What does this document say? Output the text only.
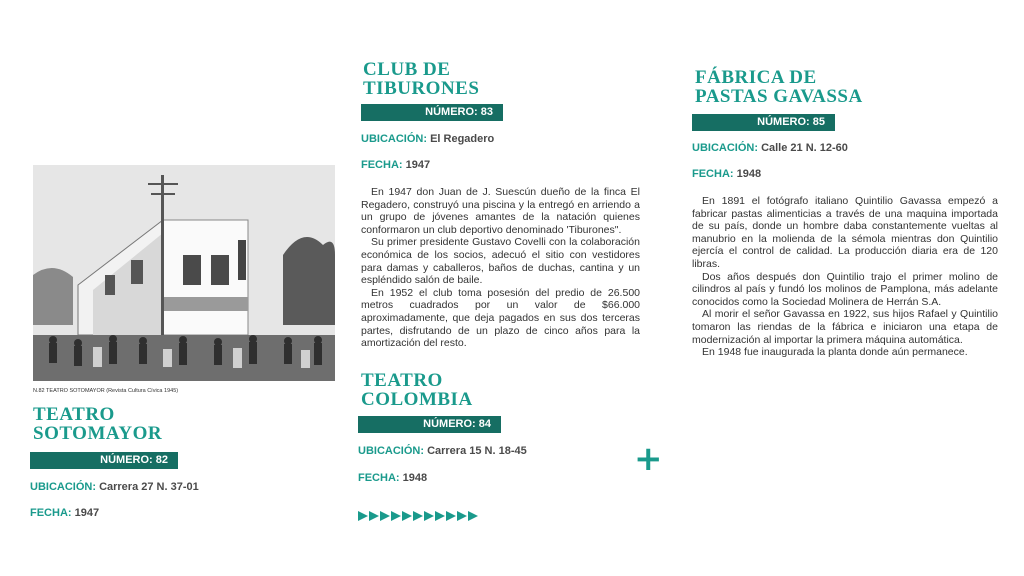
N.82 TEATRO SOTOMAYOR (Revista Cultura Cívica 1945)
TEATRO
SOTOMAYOR
NÚMERO: 82
UBICACIÓN: Carrera 27 N. 37-01
FECHA: 1947
CLUB DE
TIBURONES
NÚMERO: 83
UBICACIÓN: El Regadero
FECHA: 1947

En 1947 don Juan de J. Suescún dueño de la finca El Regadero, construyó una piscina y la entregó en arriendo a un grupo de jóvenes amantes de la natación quienes conformaron un club deportivo denominado 'Tiburones".

Su primer presidente Gustavo Covelli con la colaboración económica de los socios, adecuó el sitio con vestidores para damas y caballeros, baños de duchas, cantina y un espléndido salón de baile.

En 1952 el club toma posesión del predio de 26.500 metros cuadrados por un valor de $66.000 aproximadamente, que deja pagados en sus dos terceras partes, disfrutando de un plazo de cinco años para la amortización del resto.

TEATRO
COLOMBIA
NÚMERO: 84
UBICACIÓN: Carrera 15 N. 18-45
FECHA: 1948	+
FÁBRICA DE
PASTAS GAVASSA
NÚMERO: 85
UBICACIÓN: Calle 21 N. 12-60
FECHA: 1948

En 1891 el fotógrafo italiano Quintilio Gavassa empezó a fabricar pastas alimenticias a través de una maquina importada de su país, donde un hombre daba constantemente vueltas al manubrio en la molienda de la sémola mientras don Quintilio ejercía el control de calidad. La producción diaria era de 120 libras.

Dos años después don Quintilio trajo el primer molino de cilindros al país y fundó los molinos de Pamplona, más adelante conocidos como la Sociedad Molinera de Herrán S.A.

Al morir el señor Gavassa en 1922, sus hijos Rafael y Quintilio tomaron las riendas de la fábrica e iniciaron una etapa de modernización al importar la primera máquina automática.

En 1948 fue inaugurada la planta donde aún permanece.
